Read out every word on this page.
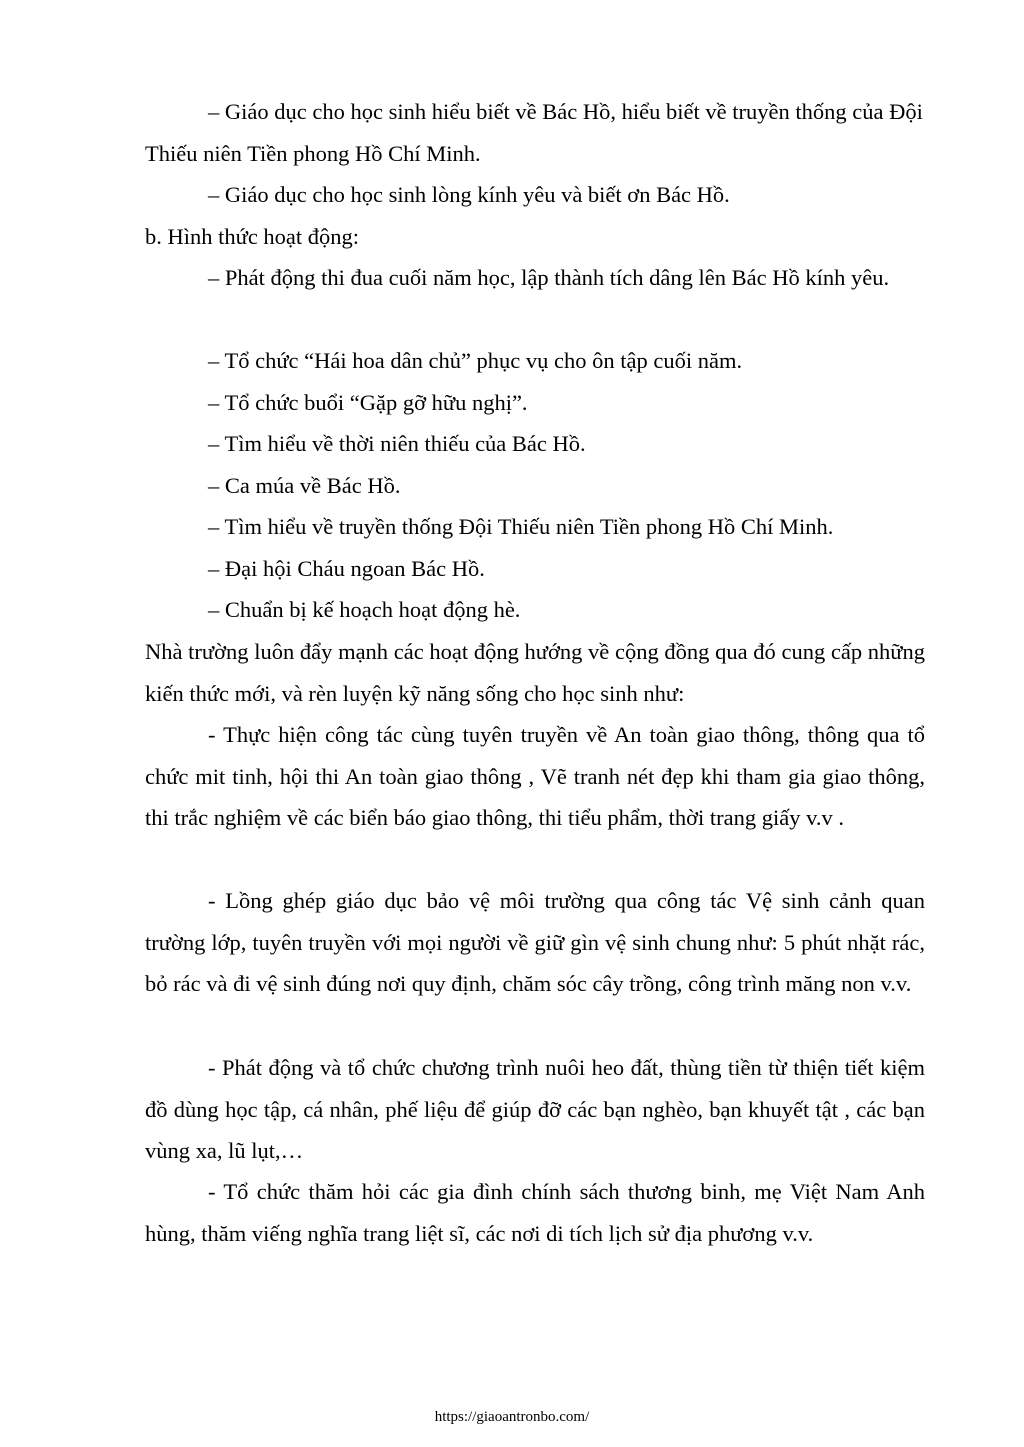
– Giáo dục cho học sinh hiểu biết về Bác Hồ, hiểu biết về truyền thống của Đội Thiếu niên Tiền phong Hồ Chí Minh.

– Giáo dục cho học sinh lòng kính yêu và biết ơn Bác Hồ.

b. Hình thức hoạt động:

– Phát động thi đua cuối năm học, lập thành tích dâng lên Bác Hồ kính yêu.

– Tổ chức “Hái hoa dân chủ” phục vụ cho ôn tập cuối năm.

– Tổ chức buổi “Gặp gỡ hữu nghị”.

– Tìm hiểu về thời niên thiếu của Bác Hồ.

– Ca múa về Bác Hồ.

– Tìm hiểu về truyền thống Đội Thiếu niên Tiền phong Hồ Chí Minh.

– Đại hội Cháu ngoan Bác Hồ.

– Chuẩn bị kế hoạch hoạt động hè.

Nhà trường luôn đẩy mạnh các hoạt động hướng về cộng đồng qua đó cung cấp những kiến thức mới, và rèn luyện kỹ năng sống cho học sinh như:

- Thực hiện công tác cùng tuyên truyền về An toàn giao thông, thông qua tổ chức mit tinh, hội thi An toàn giao thông , Vẽ tranh nét đẹp khi tham gia giao thông, thi trắc nghiệm về các biển báo giao thông, thi tiểu phẩm, thời trang giấy v.v .

- Lồng ghép giáo dục bảo vệ môi trường qua công tác Vệ sinh cảnh quan trường lớp, tuyên truyền với mọi người về giữ gìn vệ sinh chung như: 5 phút nhặt rác, bỏ rác và đi vệ sinh đúng nơi quy định, chăm sóc cây trồng, công trình măng non v.v.

- Phát động và tổ chức chương trình nuôi heo đất, thùng tiền từ thiện tiết kiệm đồ dùng học tập, cá nhân, phế liệu để giúp đỡ các bạn nghèo, bạn khuyết tật , các bạn vùng xa, lũ lụt,…

- Tổ chức thăm hỏi các gia đình chính sách thương binh, mẹ Việt Nam Anh hùng, thăm viếng nghĩa trang liệt sĩ, các nơi di tích lịch sử địa phương v.v.

https://giaoantronbo.com/
